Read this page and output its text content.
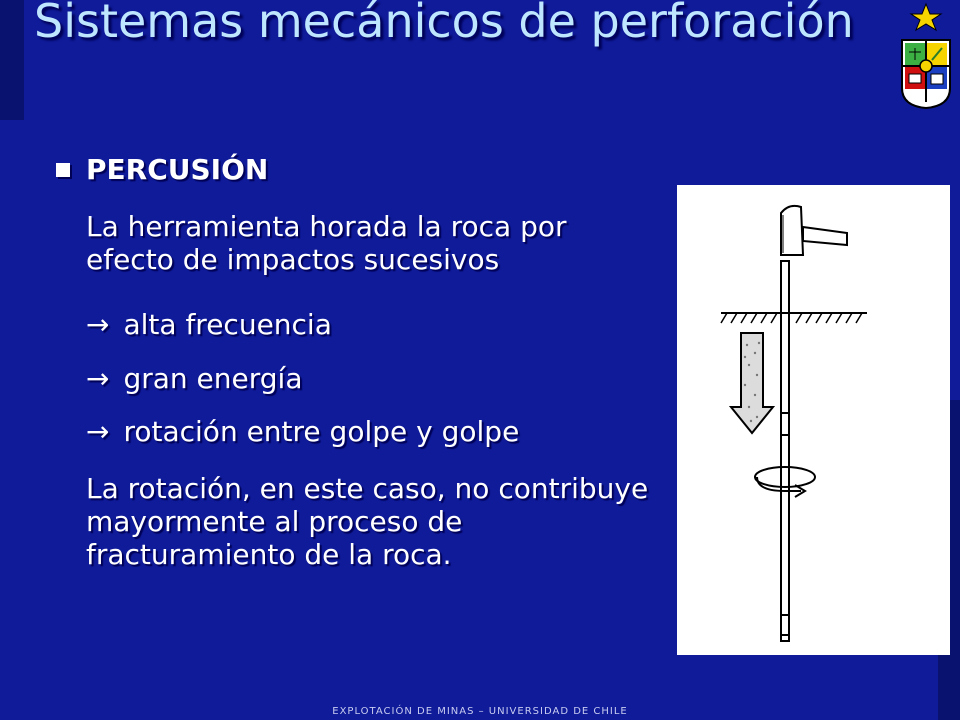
Sistemas mecánicos de perforación
PERCUSIÓN
La herramienta horada la roca por efecto de impactos sucesivos
→ alta frecuencia
→ gran energía
→ rotación entre golpe y golpe
La rotación, en este caso, no contribuye mayormente al proceso de fracturamiento de la roca.
EXPLOTACIÓN DE MINAS – UNIVERSIDAD DE CHILE
